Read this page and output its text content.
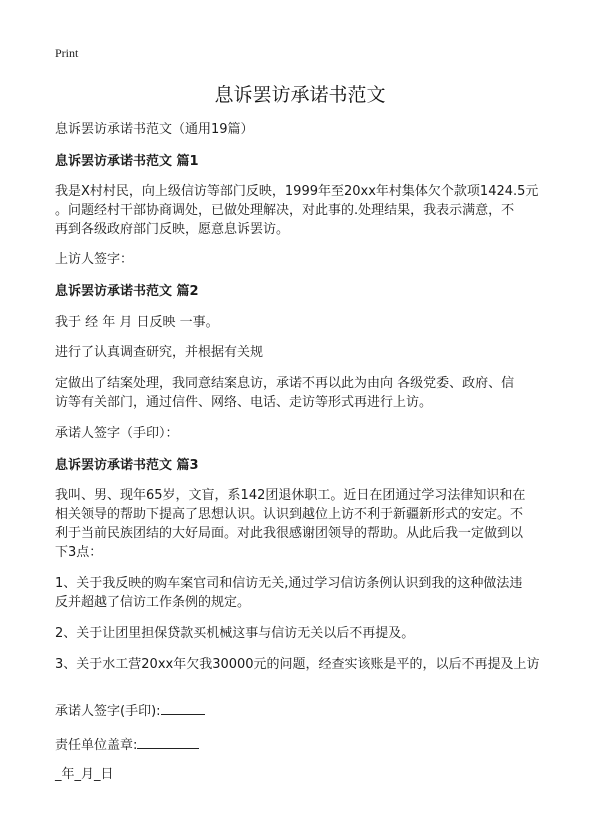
Print
息诉罢访承诺书范文
息诉罢访承诺书范文（通用19篇）
息诉罢访承诺书范文 篇1
我是X村村民，向上级信访等部门反映，1999年至20xx年村集体欠个款项1424.5元
。问题经村干部协商调处，已做处理解决，对此事的.处理结果，我表示满意，不
再到各级政府部门反映，愿意息诉罢访。
上访人签字：
息诉罢访承诺书范文 篇2
我于 经 年 月 日反映 一事。
进行了认真调查研究，并根据有关规
定做出了结案处理，我同意结案息访，承诺不再以此为由向 各级党委、政府、信
访等有关部门，通过信件、网络、电话、走访等形式再进行上访。
承诺人签字（手印）：
息诉罢访承诺书范文 篇3
我叫、男、现年65岁，文盲，系142团退休职工。近日在团通过学习法律知识和在
相关领导的帮助下提高了思想认识。认识到越位上访不利于新疆新形式的安定。不
利于当前民族团结的大好局面。对此我很感谢团领导的帮助。从此后我一定做到以
下3点：
1、关于我反映的购车案官司和信访无关,通过学习信访条例认识到我的这种做法违
反并超越了信访工作条例的规定。
2、关于让团里担保贷款买机械这事与信访无关以后不再提及。
3、关于水工营20xx年欠我30000元的问题，经查实该账是平的，以后不再提及上访
承诺人签字(手印):
责任单位盖章:
_年_月_日
